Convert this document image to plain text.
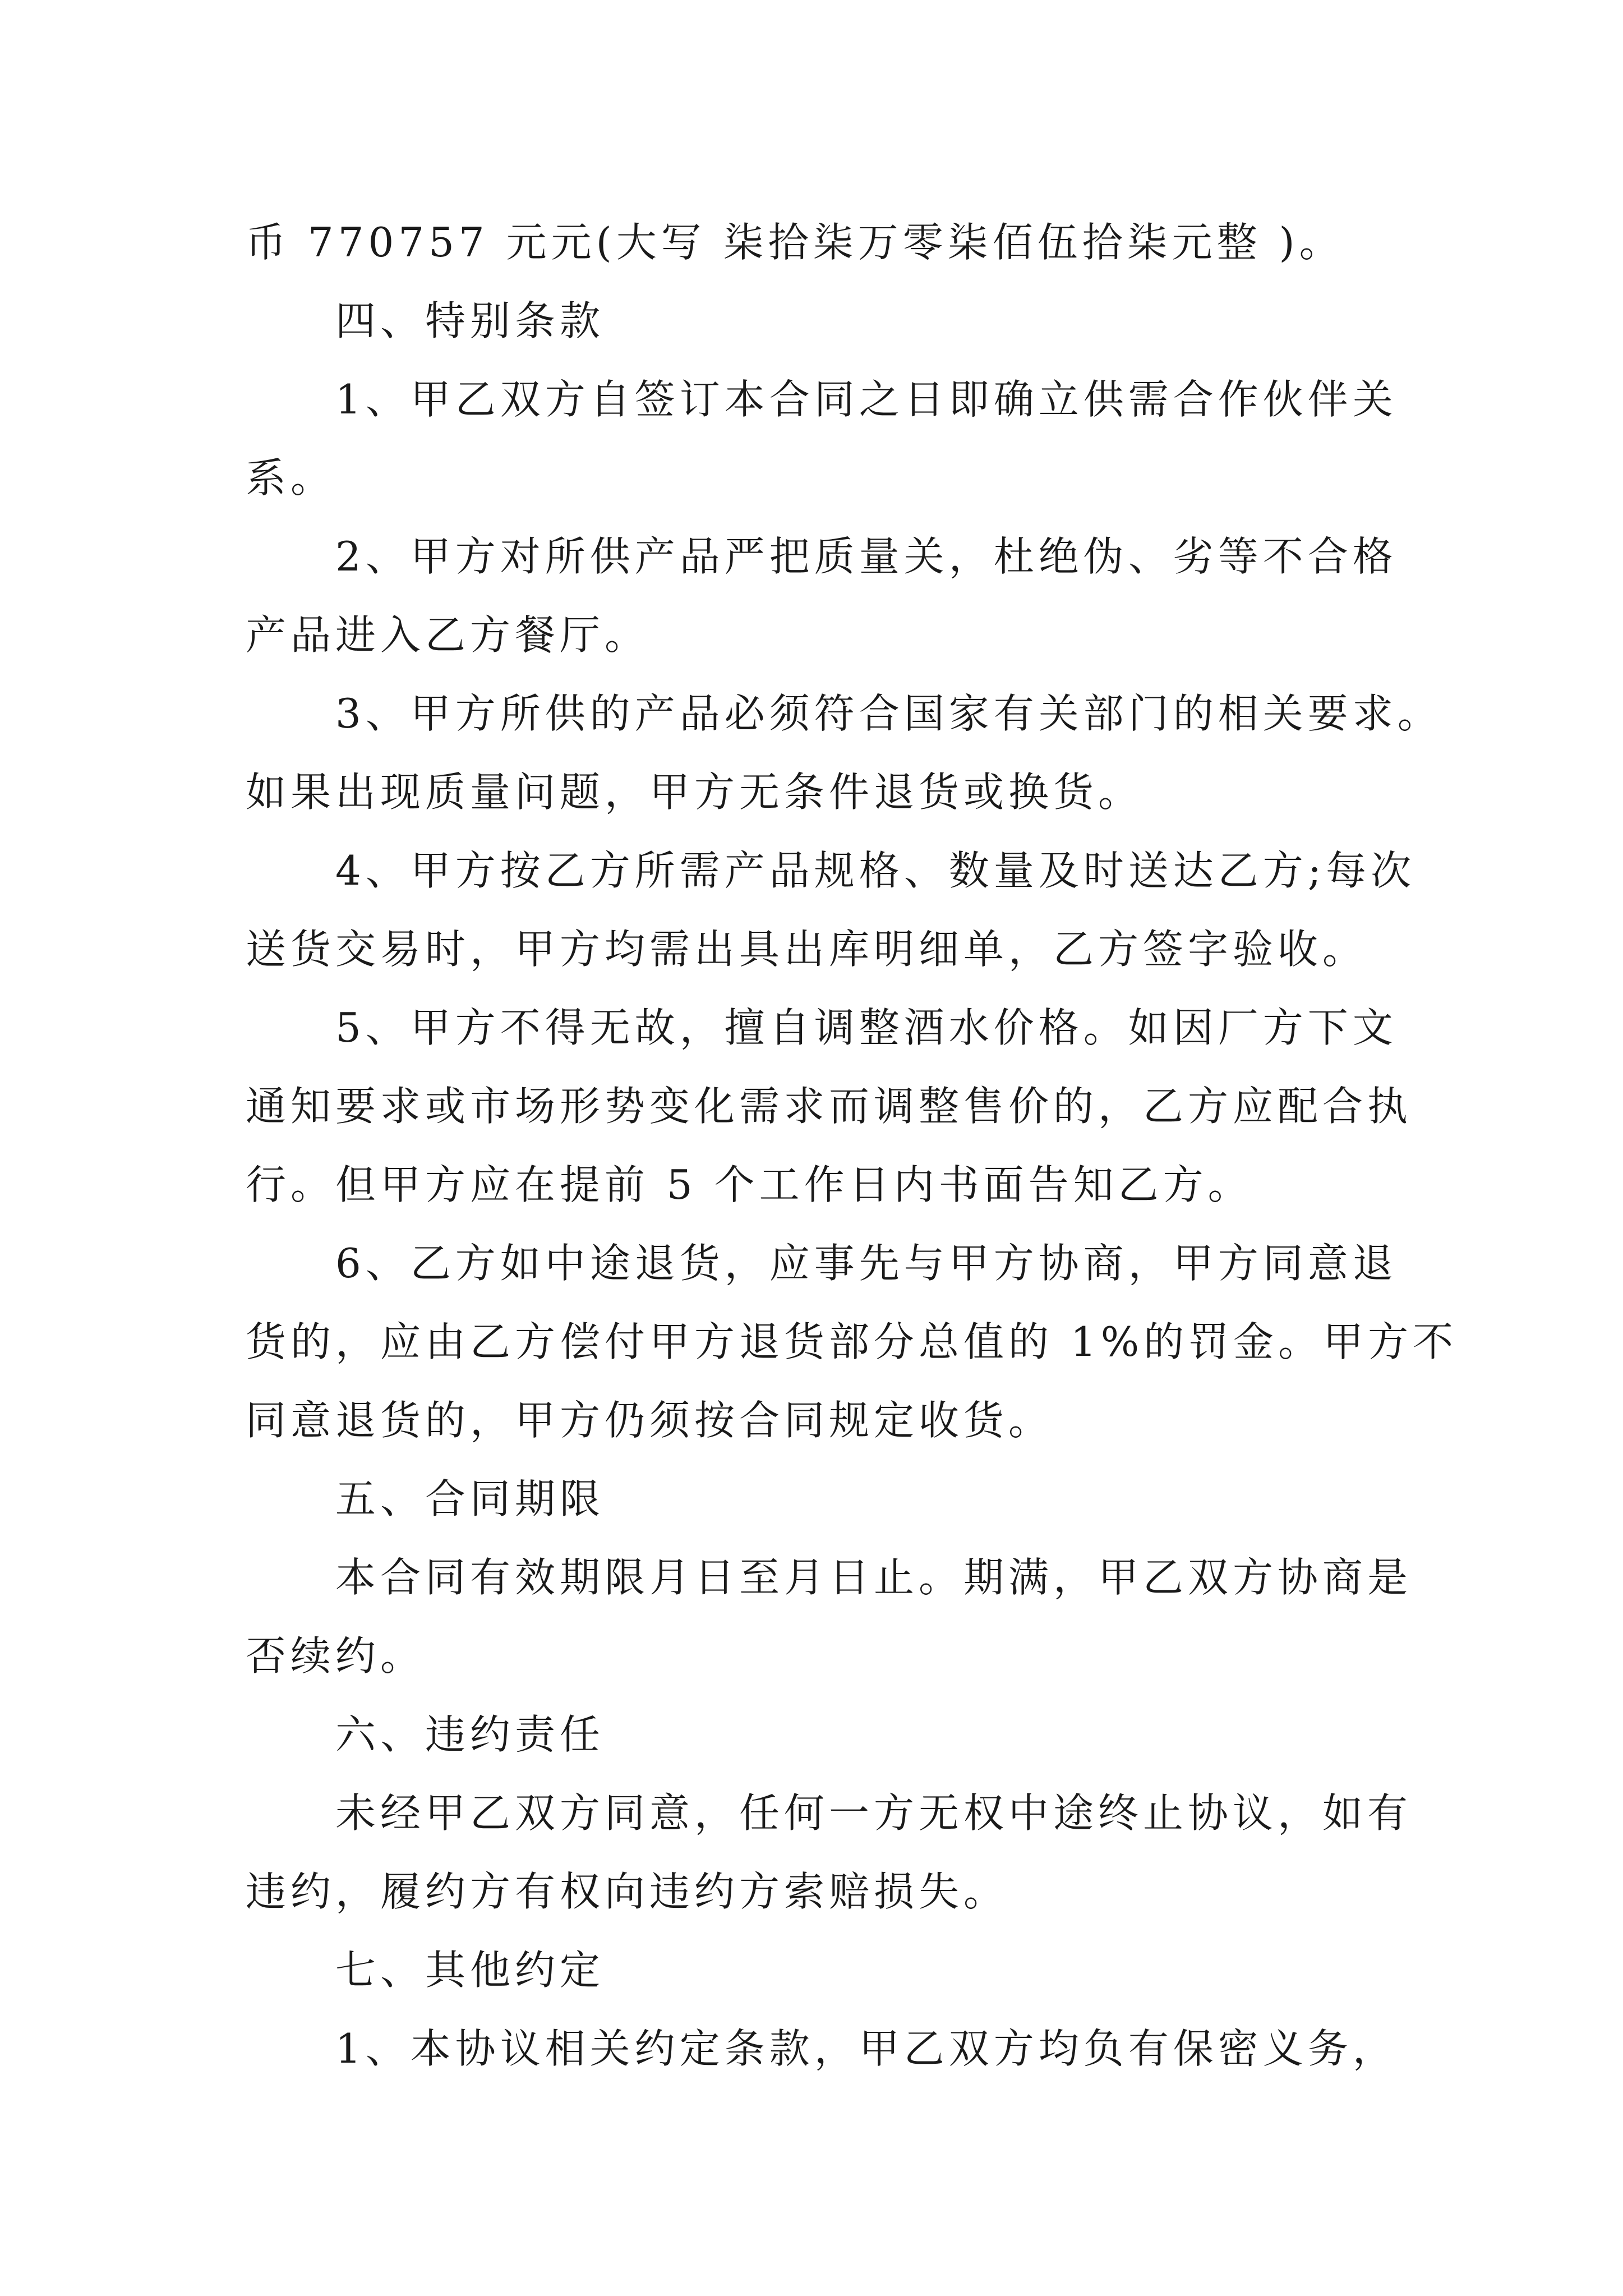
币 770757 元元(大写 柒拾柒万零柒佰伍拾柒元整 )。
四、特别条款
1、甲乙双方自签订本合同之日即确立供需合作伙伴关
系。
2、甲方对所供产品严把质量关，杜绝伪、劣等不合格
产品进入乙方餐厅。
3、甲方所供的产品必须符合国家有关部门的相关要求。
如果出现质量问题，甲方无条件退货或换货。
4、甲方按乙方所需产品规格、数量及时送达乙方;每次
送货交易时，甲方均需出具出库明细单，乙方签字验收。
5、甲方不得无故，擅自调整酒水价格。如因厂方下文
通知要求或市场形势变化需求而调整售价的，乙方应配合执
行。但甲方应在提前 5 个工作日内书面告知乙方。
6、乙方如中途退货，应事先与甲方协商，甲方同意退
货的，应由乙方偿付甲方退货部分总值的 1%的罚金。甲方不
同意退货的，甲方仍须按合同规定收货。
五、合同期限
本合同有效期限月日至月日止。期满，甲乙双方协商是
否续约。
六、违约责任
未经甲乙双方同意，任何一方无权中途终止协议，如有
违约，履约方有权向违约方索赔损失。
七、其他约定
1、本协议相关约定条款，甲乙双方均负有保密义务，
